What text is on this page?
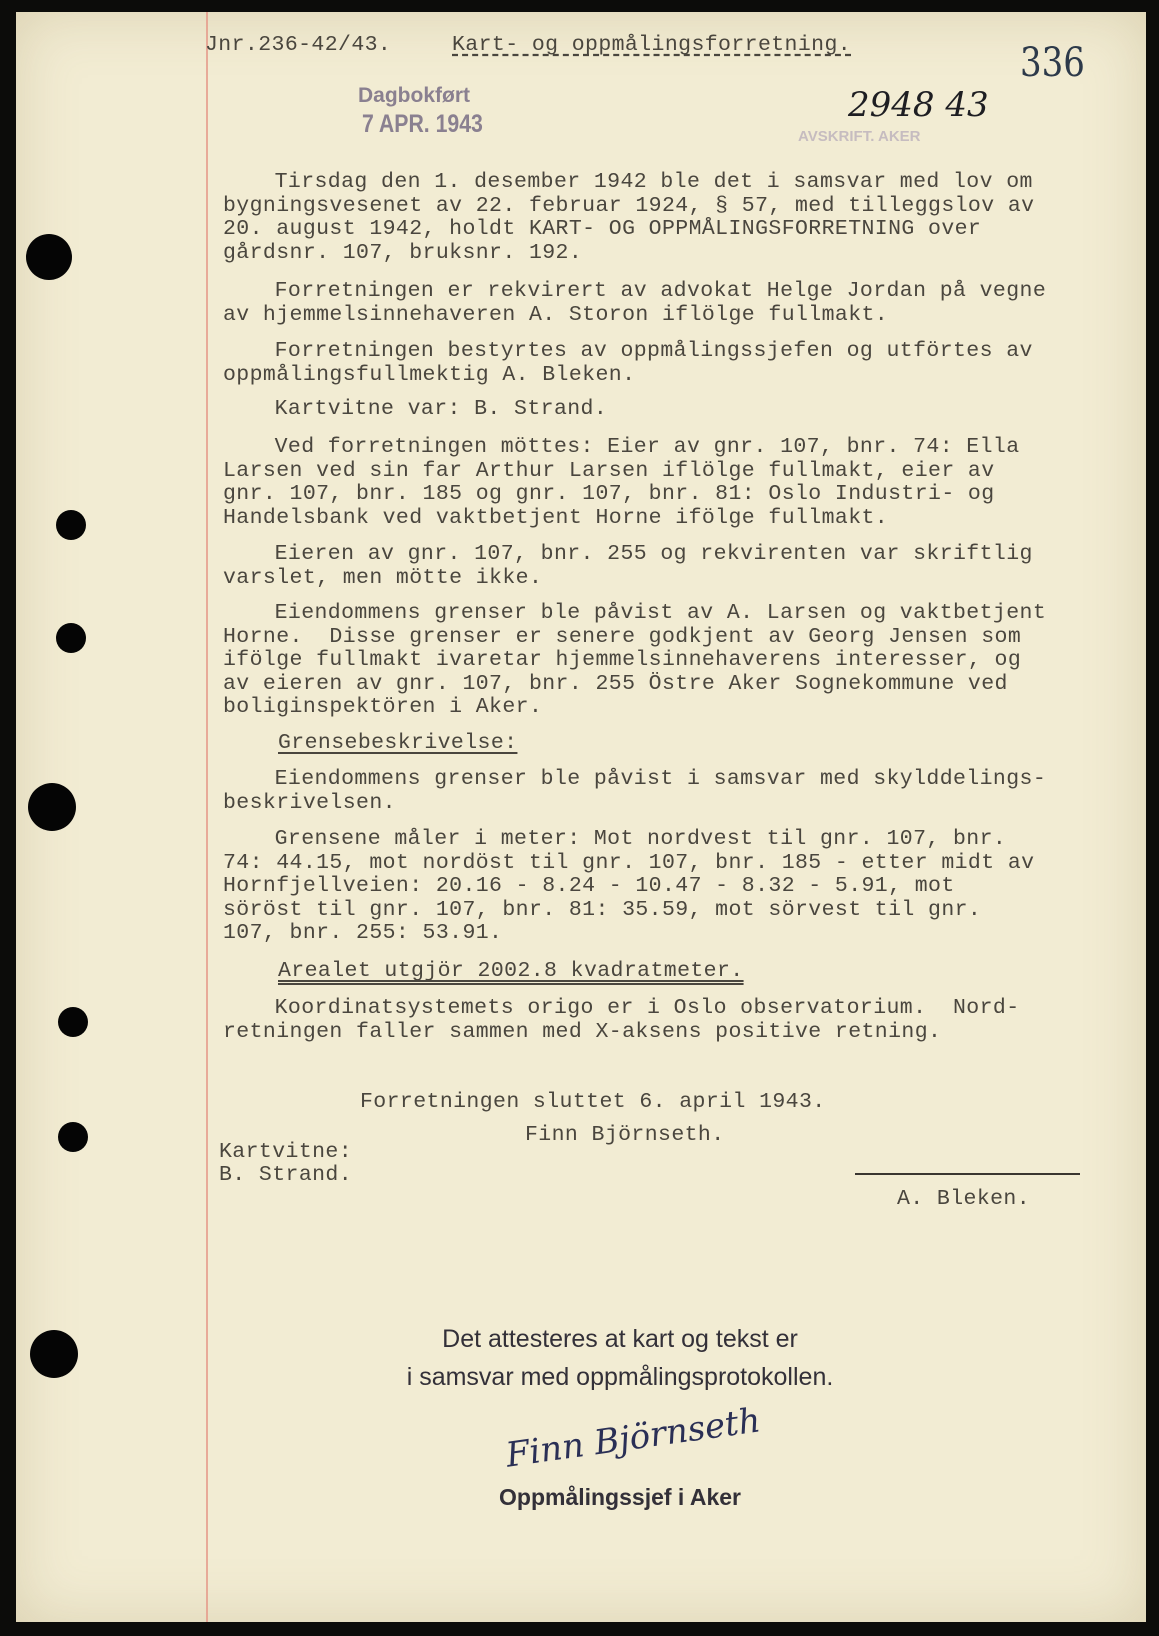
Jnr.236-42/43.	Kart- og oppmålingsforretning.	336
Dagbokført
7 APR. 1943	2948 43
AVSKRIFT. AKER
Tirsdag den 1. desember 1942 ble det i samsvar med lov om
bygningsvesenet av 22. februar 1924, § 57, med tilleggslov av
20. august 1942, holdt KART- OG OPPMÅLINGSFORRETNING over
gårdsnr. 107, bruksnr. 192.
Forretningen er rekvirert av advokat Helge Jordan på vegne
av hjemmelsinnehaveren A. Storon iflölge fullmakt.
Forretningen bestyrtes av oppmålingssjefen og utförtes av
oppmålingsfullmektig A. Bleken.
Kartvitne var: B. Strand.
Ved forretningen möttes: Eier av gnr. 107, bnr. 74: Ella
Larsen ved sin far Arthur Larsen iflölge fullmakt, eier av
gnr. 107, bnr. 185 og gnr. 107, bnr. 81: Oslo Industri- og
Handelsbank ved vaktbetjent Horne ifölge fullmakt.
Eieren av gnr. 107, bnr. 255 og rekvirenten var skriftlig
varslet, men mötte ikke.
Eiendommens grenser ble påvist av A. Larsen og vaktbetjent
Horne.  Disse grenser er senere godkjent av Georg Jensen som
ifölge fullmakt ivaretar hjemmelsinnehaverens interesser, og
av eieren av gnr. 107, bnr. 255 Östre Aker Sognekommune ved
boliginspektören i Aker.
Grensebeskrivelse:
Eiendommens grenser ble påvist i samsvar med skylddelings-
beskrivelsen.
Grensene måler i meter: Mot nordvest til gnr. 107, bnr.
74: 44.15, mot nordöst til gnr. 107, bnr. 185 - etter midt av
Hornfjellveien: 20.16 - 8.24 - 10.47 - 8.32 - 5.91, mot
söröst til gnr. 107, bnr. 81: 35.59, mot sörvest til gnr.
107, bnr. 255: 53.91.
Arealet utgjör 2002.8 kvadratmeter.
Koordinatsystemets origo er i Oslo observatorium.  Nord-
retningen faller sammen med X-aksens positive retning.
Forretningen sluttet 6. april 1943.
Finn Björnseth.
Kartvitne:
B. Strand.
A. Bleken.
Det attesteres at kart og tekst er
i samsvar med oppmålingsprotokollen.
Finn Björnseth
Oppmålingssjef i Aker
